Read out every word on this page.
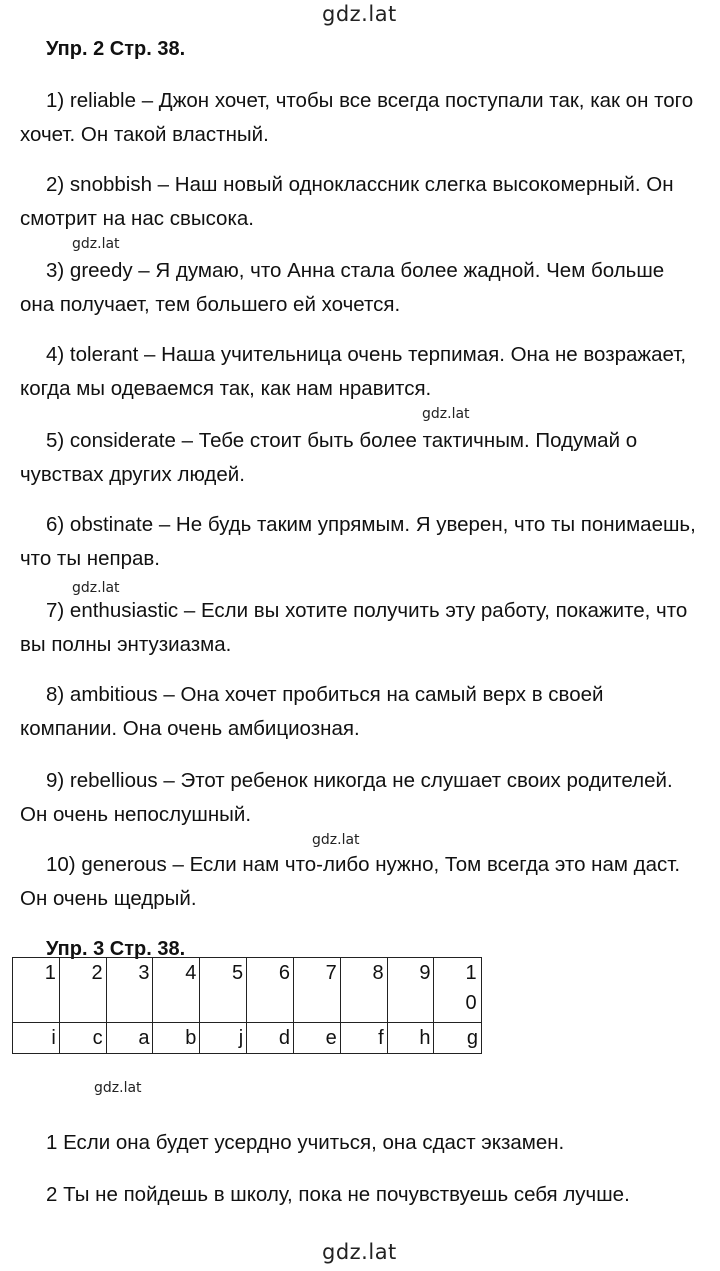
gdz.lat
Упр. 2 Стр. 38.
1) reliable – Джон хочет, чтобы все всегда поступали так, как он того хочет. Он такой властный.
2) snobbish – Наш новый одноклассник слегка высокомерный. Он смотрит на нас свысока.
gdz.lat
3) greedy – Я думаю, что Анна стала более жадной. Чем больше она получает, тем большего ей хочется.
4) tolerant – Наша учительница очень терпимая. Она не возражает, когда мы одеваемся так, как нам нравится.
gdz.lat
5) considerate – Тебе стоит быть более тактичным. Подумай о чувствах других людей.
6) obstinate – Не будь таким упрямым. Я уверен, что ты понимаешь, что ты неправ.
gdz.lat
7) enthusiastic – Если вы хотите получить эту работу, покажите, что вы полны энтузиазма.
8) ambitious – Она хочет пробиться на самый верх в своей компании. Она очень амбициозная.
9) rebellious – Этот ребенок никогда не слушает своих родителей. Он очень непослушный.
gdz.lat
10) generous – Если нам что-либо нужно, Том всегда это нам даст. Он очень щедрый.
Упр. 3 Стр. 38.
1	2	3	4	5	6	7	8	9	10
i	c	a	b	j	d	e	f	h	g
gdz.lat
1 Если она будет усердно учиться, она сдаст экзамен.
2 Ты не пойдешь в школу, пока не почувствуешь себя лучше.
gdz.lat
